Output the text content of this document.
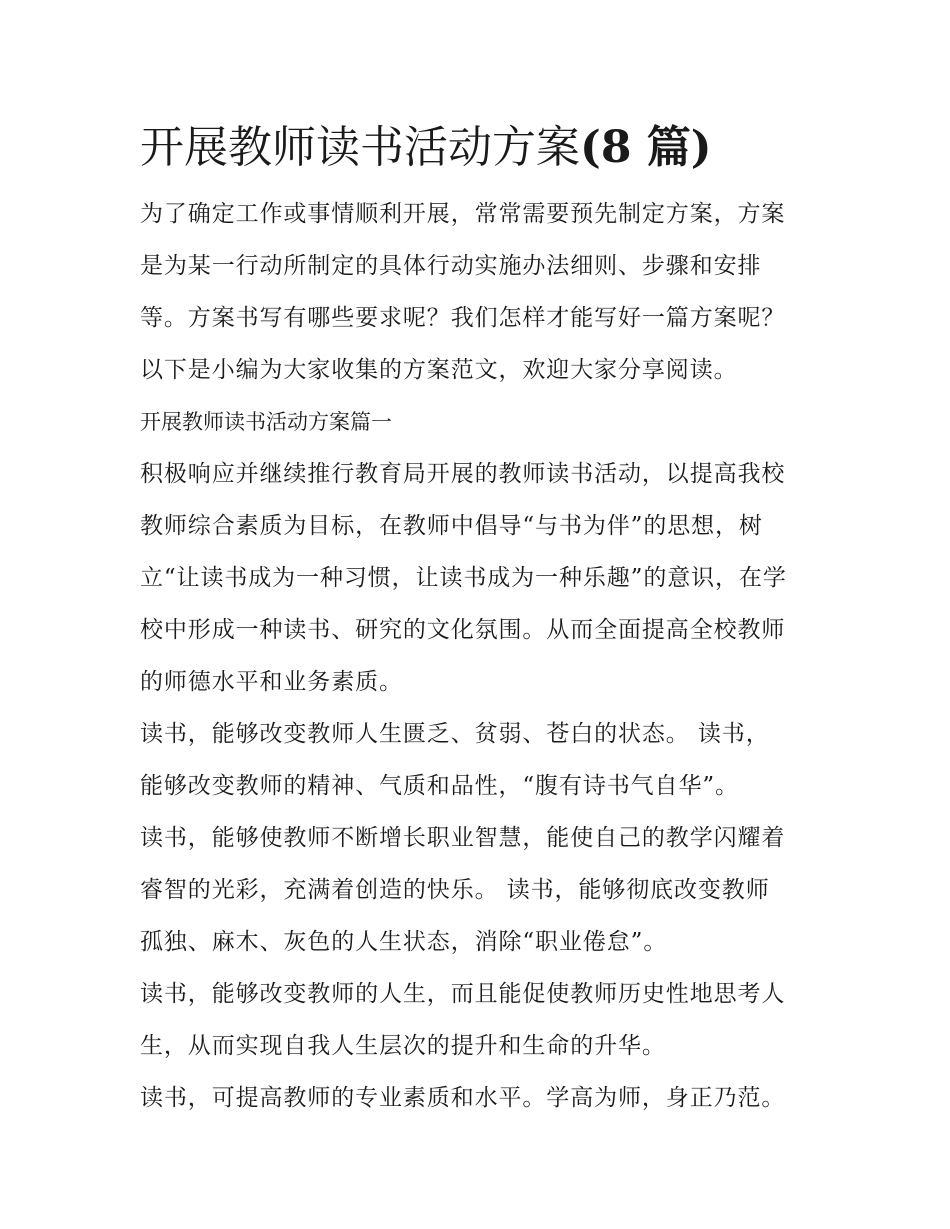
开展教师读书活动方案(8 篇)

为了确定工作或事情顺利开展，常常需要预先制定方案，方案

是为某一行动所制定的具体行动实施办法细则、步骤和安排

等。方案书写有哪些要求呢？我们怎样才能写好一篇方案呢？

以下是小编为大家收集的方案范文，欢迎大家分享阅读。

开展教师读书活动方案篇一

积极响应并继续推行教育局开展的教师读书活动，以提高我校

教师综合素质为目标，在教师中倡导“与书为伴”的思想，树

立“让读书成为一种习惯，让读书成为一种乐趣”的意识，在学

校中形成一种读书、研究的文化氛围。从而全面提高全校教师

的师德水平和业务素质。

读书，能够改变教师人生匮乏、贫弱、苍白的状态。 读书，

能够改变教师的精神、气质和品性，“腹有诗书气自华”。

读书，能够使教师不断增长职业智慧，能使自己的教学闪耀着

睿智的光彩，充满着创造的快乐。 读书，能够彻底改变教师

孤独、麻木、灰色的人生状态，消除“职业倦怠”。

读书，能够改变教师的人生，而且能促使教师历史性地思考人

生，从而实现自我人生层次的提升和生命的升华。

读书，可提高教师的专业素质和水平。学高为师，身正乃范。
